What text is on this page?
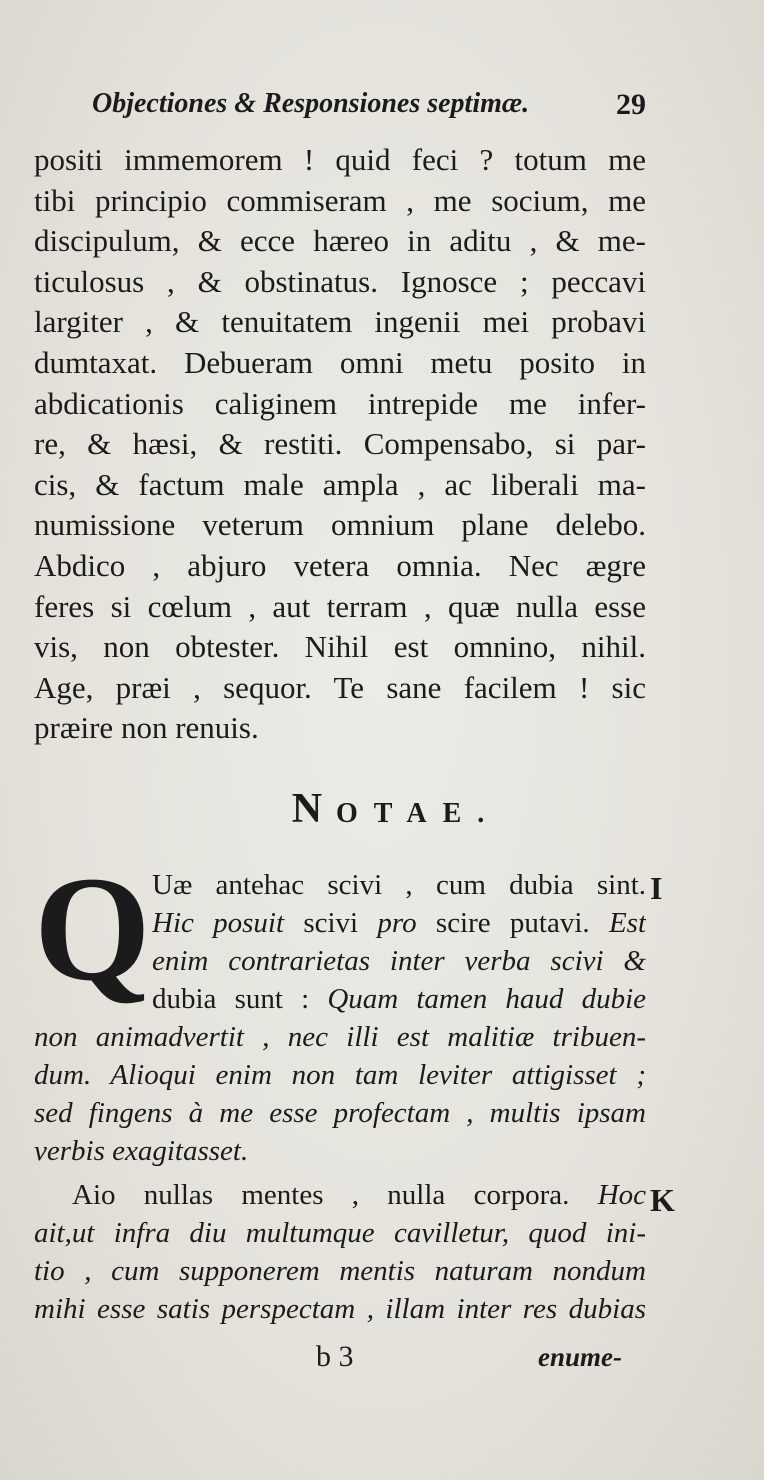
Objectiones & Responsiones septimæ.	29
positi immemorem ! quid feci ? totum me
tibi principio commiseram , me socium, me
discipulum, & ecce hæreo in aditu , & me-
ticulosus , & obstinatus. Ignosce ; peccavi
largiter , & tenuitatem ingenii mei probavi
dumtaxat. Debueram omni metu posito in
abdicationis caliginem intrepide me infer-
re, & hæsi, & restiti. Compensabo, si par-
cis, & factum male ampla , ac liberali ma-
numissione veterum omnium plane delebo.
Abdico , abjuro vetera omnia. Nec ægre
feres si cœlum , aut terram , quæ nulla esse
vis, non obtester. Nihil est omnino, nihil.
Age, præi , sequor. Te sane facilem ! sic
præire non renuis.
NOTAE.
I
Q Uæ antehac scivi , cum dubia sint.
Hic posuit scivi pro scire putavi. Est
enim contrarietas inter verba scivi &
dubia sunt : Quam tamen haud dubie
non animadvertit , nec illi est malitiæ tribuen-
dum. Alioqui enim non tam leviter attigisset ;
sed fingens à me esse profectam , multis ipsam
verbis exagitasset.
K
Aio nullas mentes , nulla corpora. Hoc
ait,ut infra diu multumque cavilletur, quod ini-
tio , cum supponerem mentis naturam nondum
mihi esse satis perspectam , illam inter res dubias
b 3	enume-
